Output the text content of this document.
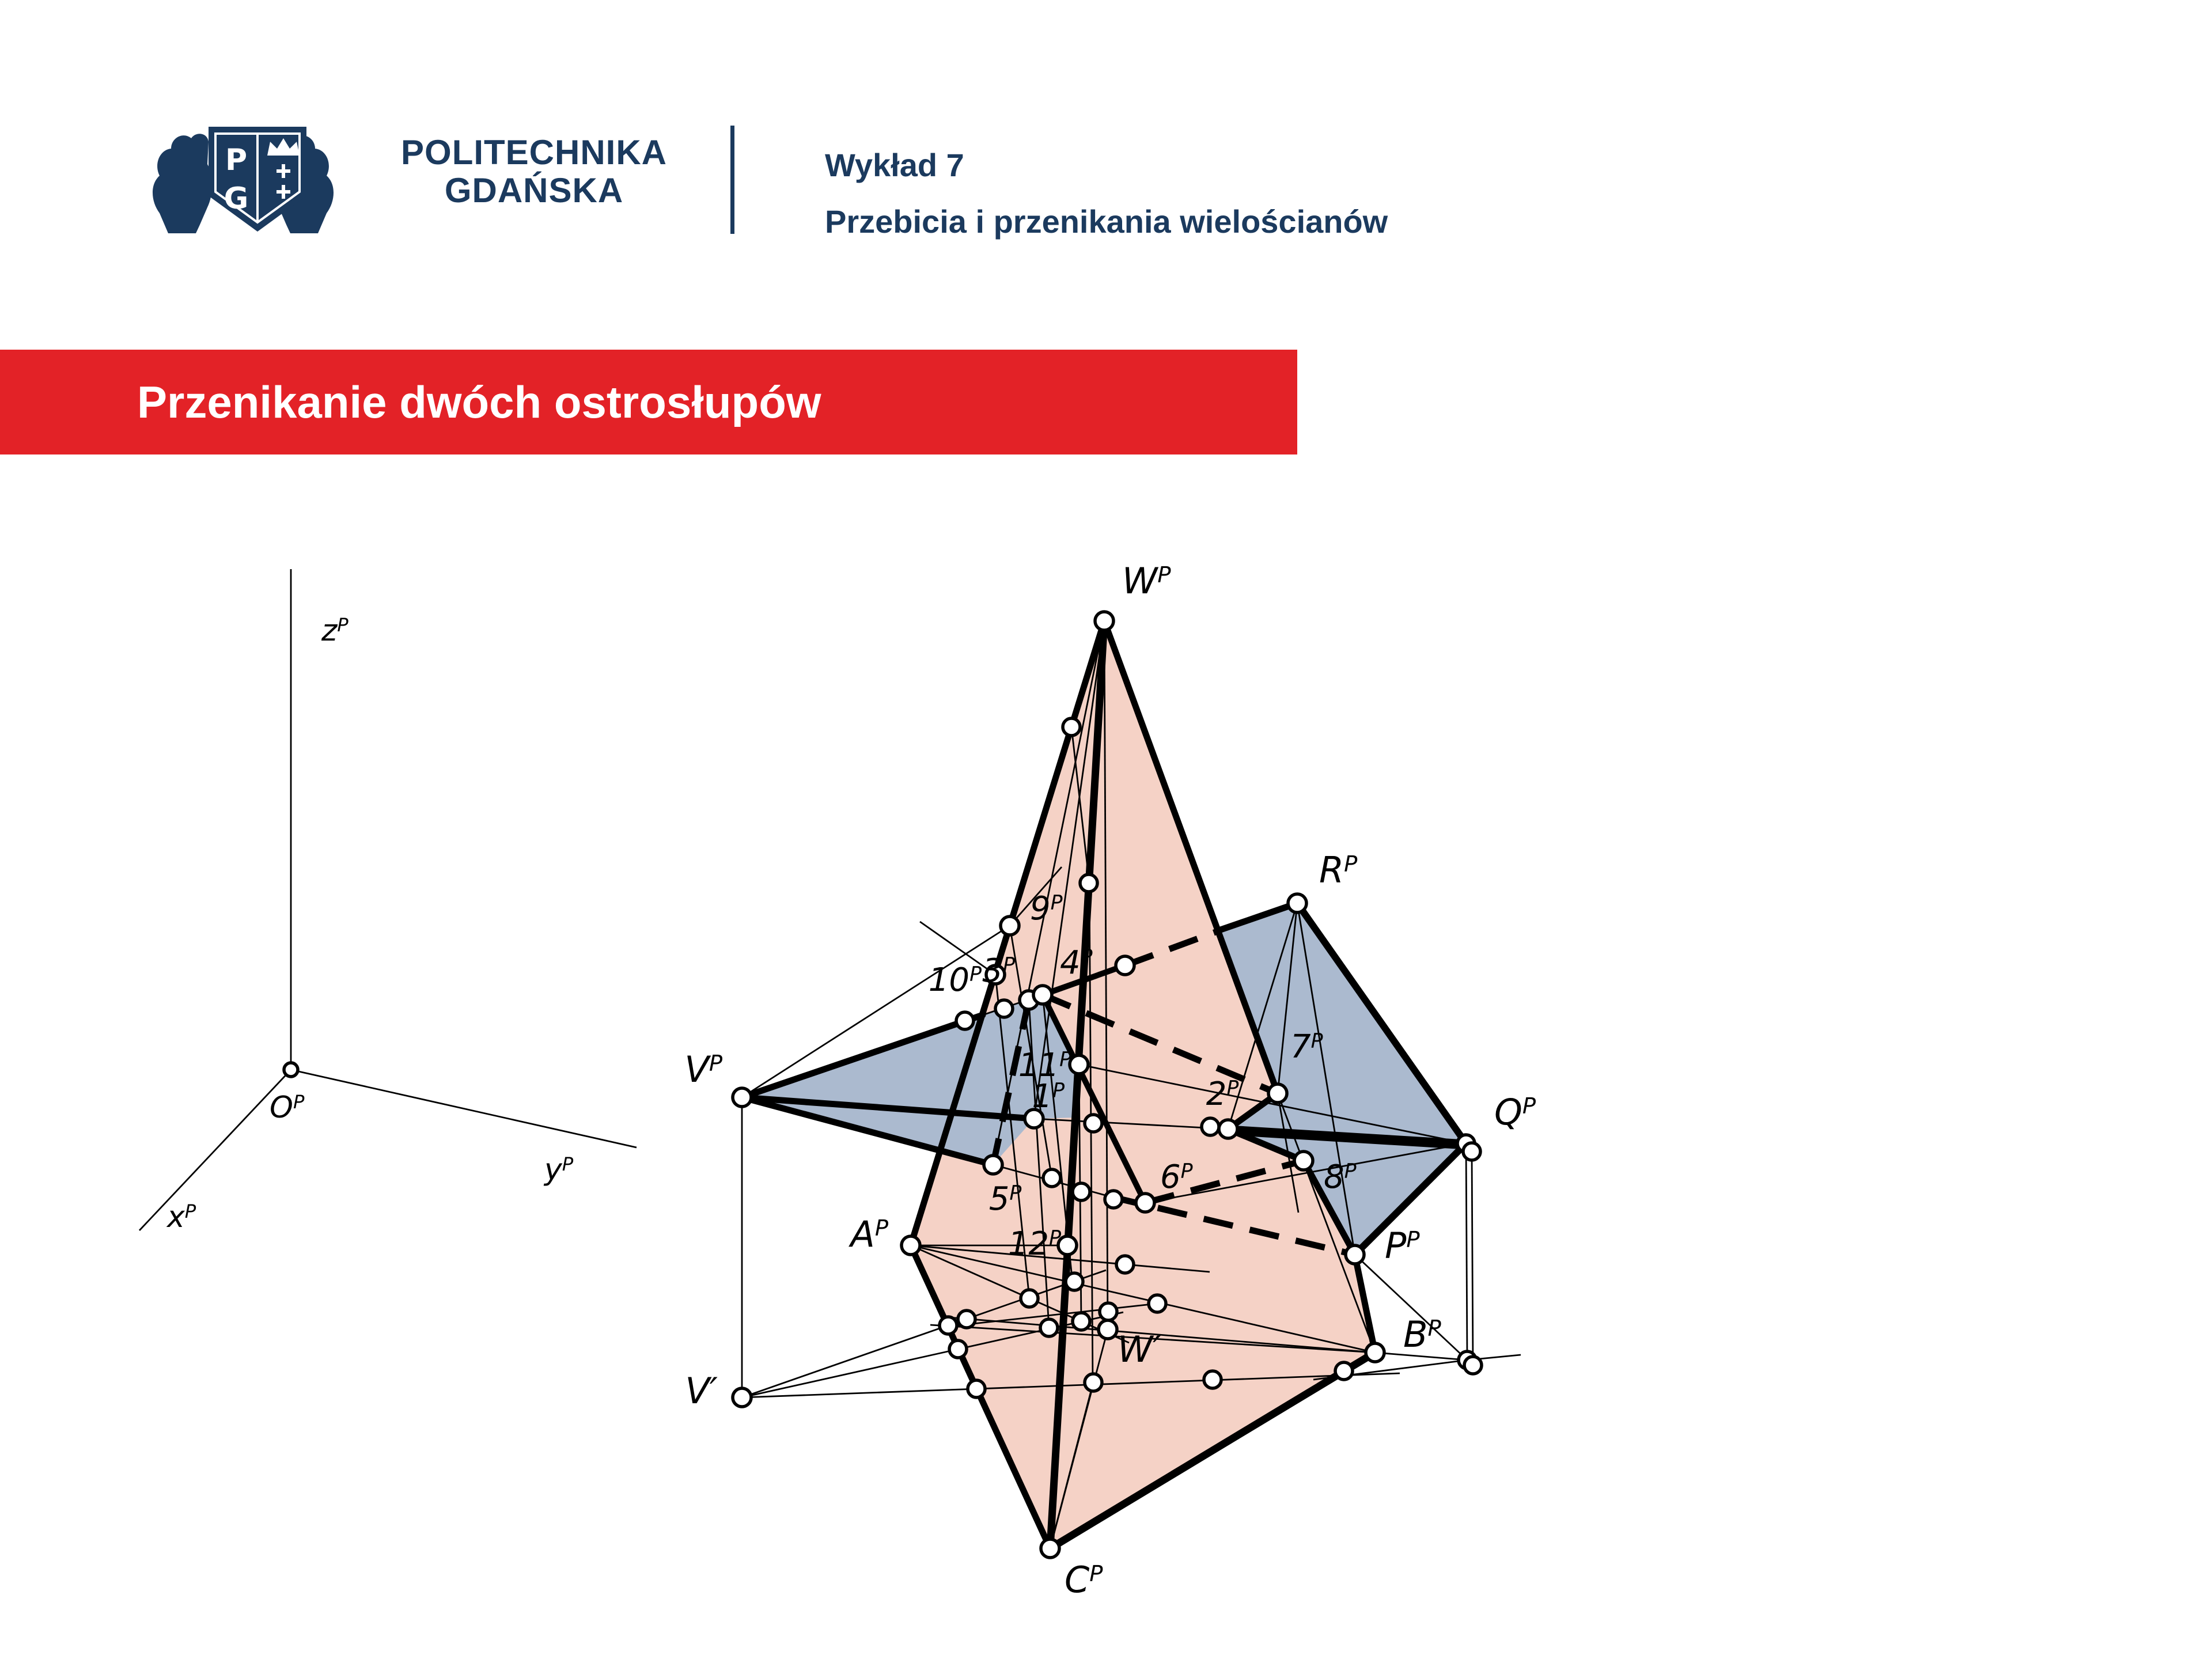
P
G
POLITECHNIKA
GDAŃSKA
Wykład 7
Przebicia i przenikania wielościanów
Przenikanie dwóch ostrosłupów
$z^P$
$O^P$
$x^P$
$y^P$
$W^P$
$R^P$
$Q^P$
$V^P$
$P^P$
$B^P$
$A^P$
$C^P$
V′
W′
$1^P$	$2^P$
$3^P$ $4^P$
$5^P$	$6^P$
$7^P$
$8^P$
$9^P$
$10^P$
$11^P$
$12^P$
